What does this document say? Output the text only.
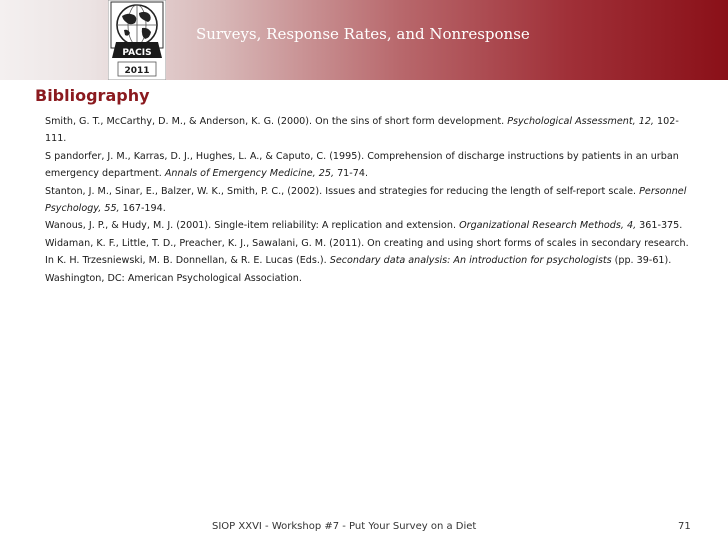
PACIS
2011
Surveys, Response Rates, and Nonresponse
Bibliography

Smith, G. T., McCarthy, D. M., & Anderson, K. G. (2000). On the sins of short form development. Psychological Assessment, 12, 102-111.

S pandorfer, J. M., Karras, D. J., Hughes, L. A., & Caputo, C. (1995). Comprehension of discharge instructions by patients in an urban emergency department. Annals of Emergency Medicine, 25, 71-74.

Stanton, J. M., Sinar, E., Balzer, W. K., Smith, P. C., (2002). Issues and strategies for reducing the length of self-report scale. Personnel Psychology, 55, 167-194.

Wanous, J. P., & Hudy, M. J. (2001). Single-item reliability: A replication and extension. Organizational Research Methods, 4, 361-375.

Widaman, K. F., Little, T. D., Preacher, K. J., Sawalani, G. M. (2011). On creating and using short forms of scales in secondary research. In K. H. Trzesniewski, M. B. Donnellan, & R. E. Lucas (Eds.). Secondary data analysis: An introduction for psychologists (pp. 39-61). Washington, DC: American Psychological Association.

SIOP XXVI - Workshop #7 - Put Your Survey on a Diet	71
